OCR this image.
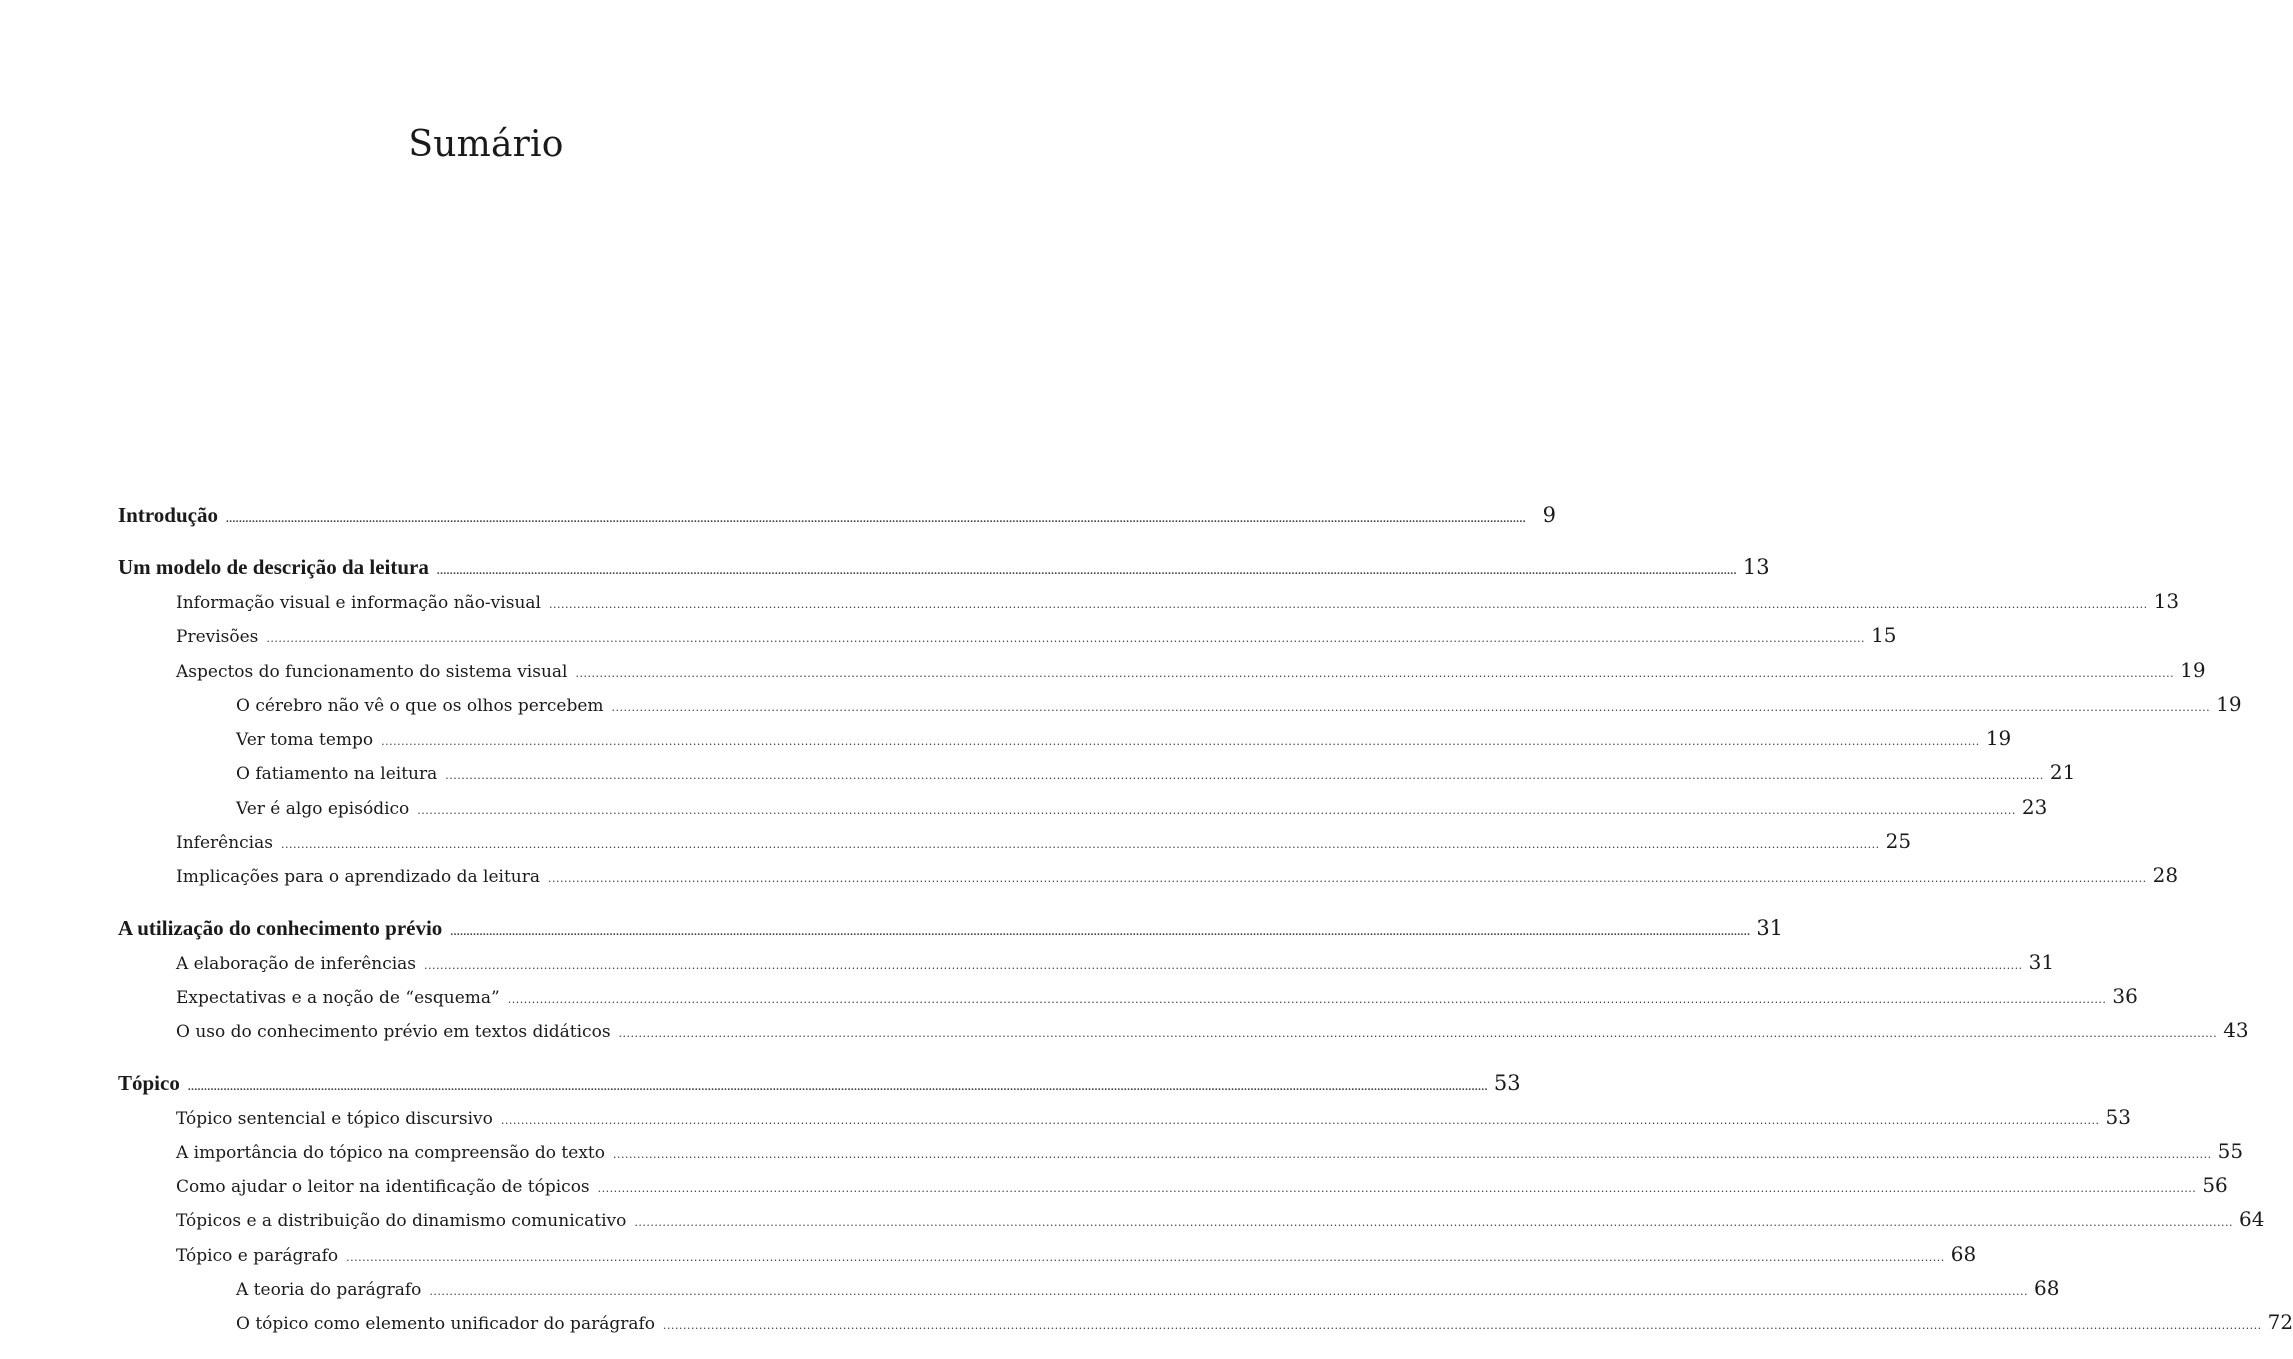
Sumário
Introdução ................................................................................................................................................................................................................................................................................................................................................................................................................ 9
Um modelo de descrição da leitura ................................................................................................................................................................................................................................................................................................................................................................................................................ 13
Informação visual e informação não-visual ................................................................................................................................................................................................................................................................................................................................................................................................................ 13
Previsões ................................................................................................................................................................................................................................................................................................................................................................................................................ 15
Aspectos do funcionamento do sistema visual ................................................................................................................................................................................................................................................................................................................................................................................................................ 19
O cérebro não vê o que os olhos percebem ................................................................................................................................................................................................................................................................................................................................................................................................................ 19
Ver toma tempo ................................................................................................................................................................................................................................................................................................................................................................................................................ 19
O fatiamento na leitura ................................................................................................................................................................................................................................................................................................................................................................................................................ 21
Ver é algo episódico ................................................................................................................................................................................................................................................................................................................................................................................................................ 23
Inferências ................................................................................................................................................................................................................................................................................................................................................................................................................ 25
Implicações para o aprendizado da leitura ................................................................................................................................................................................................................................................................................................................................................................................................................ 28
A utilização do conhecimento prévio ................................................................................................................................................................................................................................................................................................................................................................................................................ 31
A elaboração de inferências ................................................................................................................................................................................................................................................................................................................................................................................................................ 31
Expectativas e a noção de “esquema” ................................................................................................................................................................................................................................................................................................................................................................................................................ 36
O uso do conhecimento prévio em textos didáticos ................................................................................................................................................................................................................................................................................................................................................................................................................ 43
Tópico ................................................................................................................................................................................................................................................................................................................................................................................................................ 53
Tópico sentencial e tópico discursivo ................................................................................................................................................................................................................................................................................................................................................................................................................ 53
A importância do tópico na compreensão do texto ................................................................................................................................................................................................................................................................................................................................................................................................................ 55
Como ajudar o leitor na identificação de tópicos ................................................................................................................................................................................................................................................................................................................................................................................................................ 56
Tópicos e a distribuição do dinamismo comunicativo ................................................................................................................................................................................................................................................................................................................................................................................................................ 64
Tópico e parágrafo ................................................................................................................................................................................................................................................................................................................................................................................................................ 68
A teoria do parágrafo ................................................................................................................................................................................................................................................................................................................................................................................................................ 68
O tópico como elemento unificador do parágrafo ................................................................................................................................................................................................................................................................................................................................................................................................................ 72
